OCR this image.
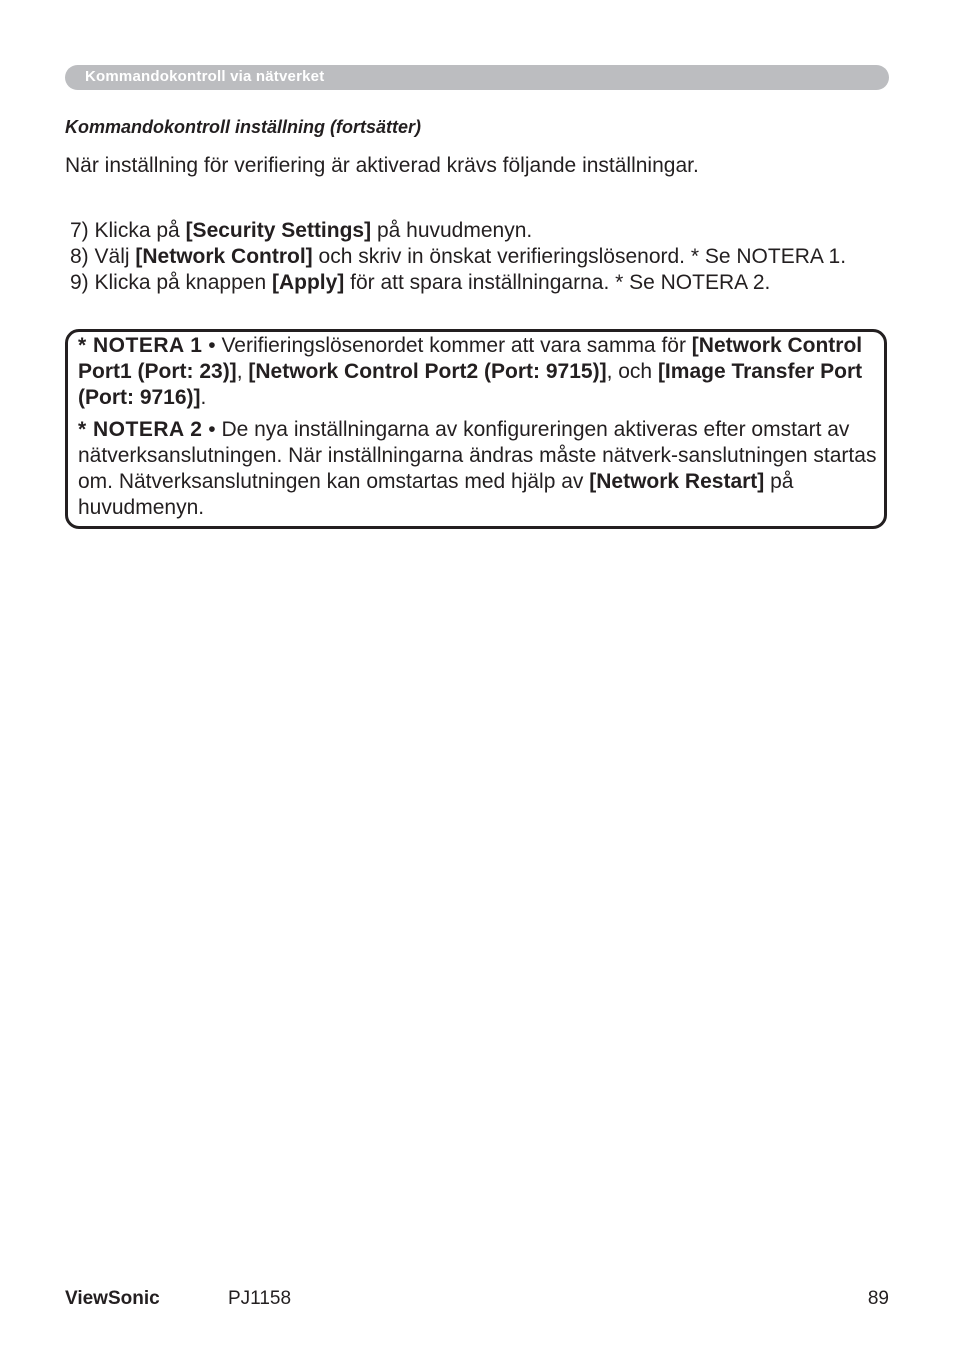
Kommandokontroll via nätverket
Kommandokontroll inställning (fortsätter)
När inställning för verifiering är aktiverad krävs följande inställningar.
7) Klicka på [Security Settings] på huvudmenyn.
8) Välj [Network Control] och skriv in önskat verifieringslösenord. * Se NOTERA 1.
9) Klicka på knappen [Apply] för att spara inställningarna. * Se NOTERA 2.

* NOTERA 1 • Verifieringslösenordet kommer att vara samma för [Network Control Port1 (Port: 23)], [Network Control Port2 (Port: 9715)], och [Image Transfer Port (Port: 9716)].

* NOTERA 2 • De nya inställningarna av konfigureringen aktiveras efter omstart av nätverksanslutningen. När inställningarna ändras måste nätverk-sanslutningen startas om. Nätverksanslutningen kan omstartas med hjälp av [Network Restart] på huvudmenyn.

ViewSonic	PJ1158	89
